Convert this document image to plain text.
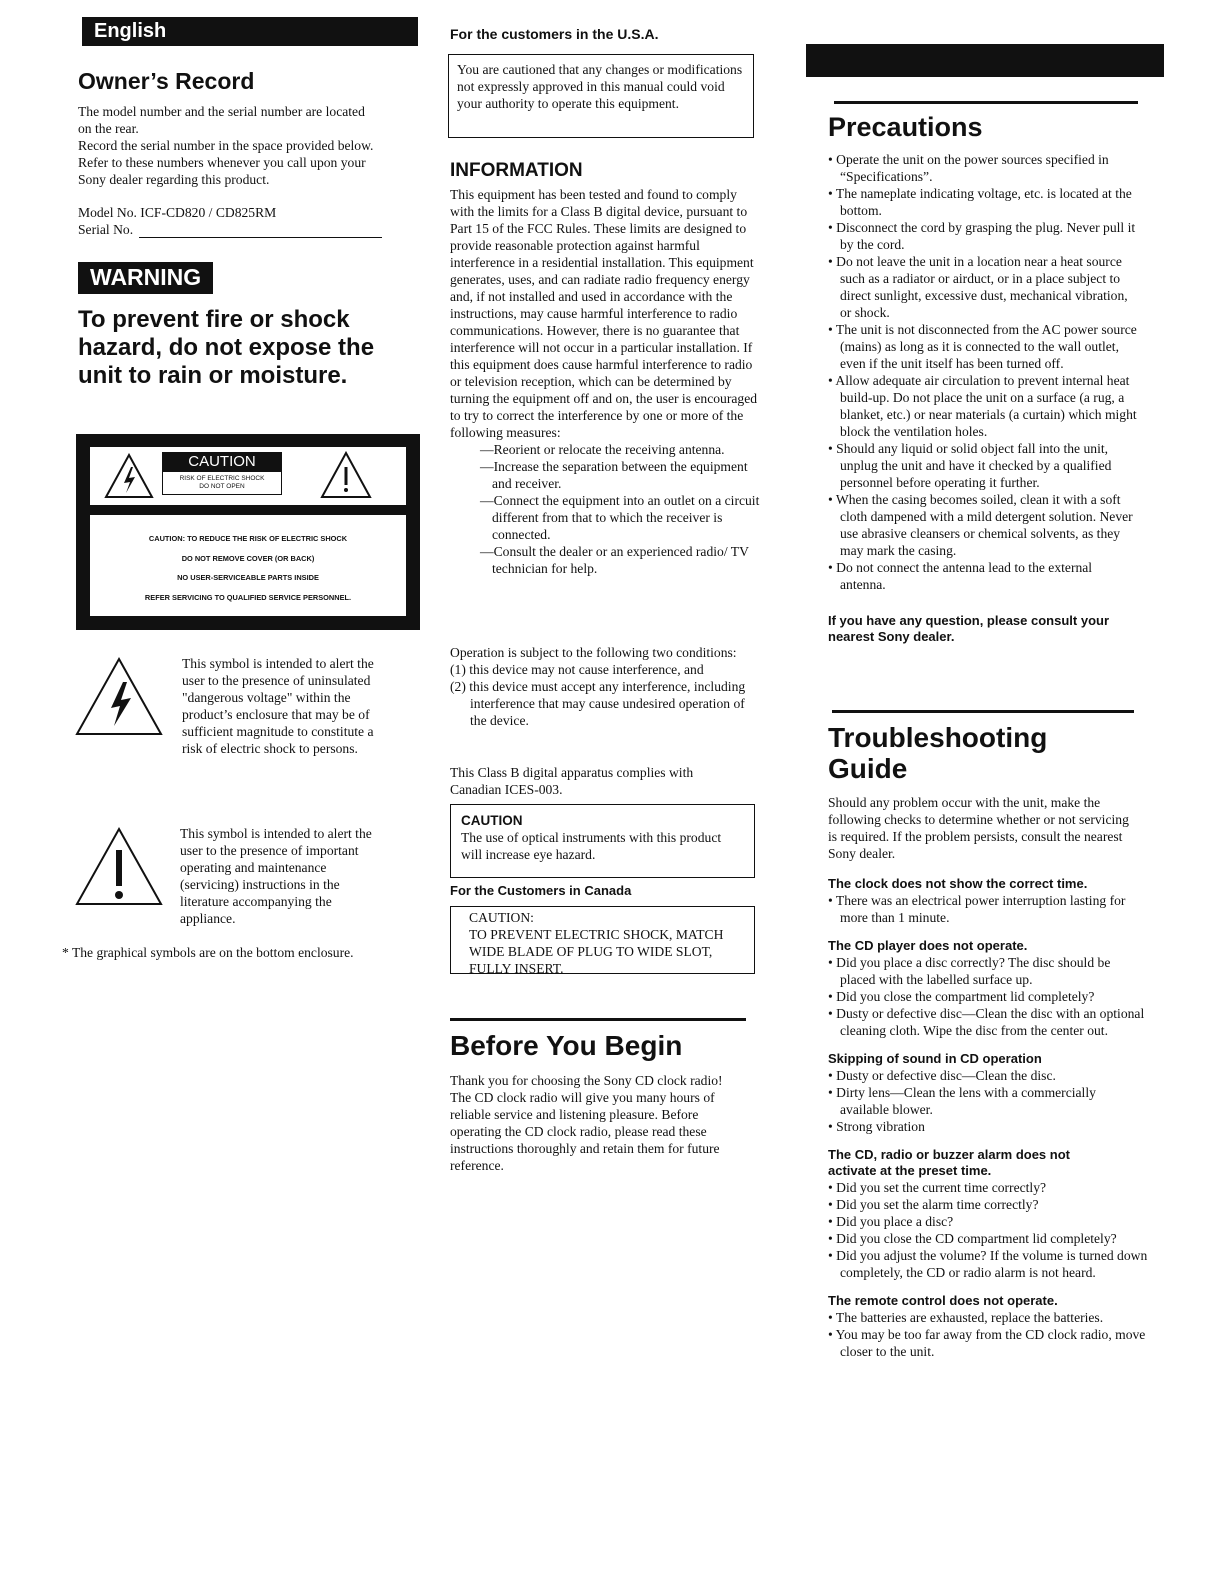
English
Owner’s Record
The model number and the serial number are located on the rear.
Record the serial number in the space provided below. Refer to these numbers whenever you call upon your Sony dealer regarding this product.
Model No. ICF-CD820 / CD825RM
Serial No.
WARNING
To prevent fire or shock hazard, do not expose the unit to rain or moisture.
CAUTION
RISK OF ELECTRIC SHOCK
DO NOT OPEN
CAUTION: TO REDUCE THE RISK OF ELECTRIC SHOCK
DO NOT REMOVE COVER (OR BACK)
NO USER-SERVICEABLE PARTS INSIDE
REFER SERVICING TO QUALIFIED SERVICE PERSONNEL.
This symbol is intended to alert the user to the presence of uninsulated "dangerous voltage" within the product’s enclosure that may be of sufficient magnitude to constitute a risk of electric shock to persons.
This symbol is intended to alert the user to the presence of important operating and maintenance (servicing) instructions in the literature accompanying the appliance.
* The graphical symbols are on the bottom enclosure.
For the customers in the U.S.A.
You are cautioned that any changes or modifications not expressly approved in this manual could void your authority to operate this equipment.
INFORMATION
This equipment has been tested and found to comply with the limits for a Class B digital device, pursuant to Part 15 of the FCC Rules. These limits are designed to provide reasonable protection against harmful interference in a residential installation. This equipment generates, uses, and can radiate radio frequency energy and, if not installed and used in accordance with the instructions, may cause harmful interference to radio communications. However, there is no guarantee that interference will not occur in a particular installation. If this equipment does cause harmful interference to radio or television reception, which can be determined by turning the equipment off and on, the user is encouraged to try to correct the interference by one or more of the following measures:

—Reorient or relocate the receiving antenna.

—Increase the separation between the equipment and receiver.

—Connect the equipment into an outlet on a circuit different from that to which the receiver is connected.

—Consult the dealer or an experienced radio/ TV technician for help.

Operation is subject to the following two conditions:

(1) this device may not cause interference, and

(2) this device must accept any interference, including interference that may cause undesired operation of the device.

This Class B digital apparatus complies with Canadian ICES-003.
CAUTION
The use of optical instruments with this product will increase eye hazard.
For the Customers in Canada
CAUTION:
TO PREVENT ELECTRIC SHOCK, MATCH WIDE BLADE OF PLUG TO WIDE SLOT, FULLY INSERT.
Before You Begin
Thank you for choosing the Sony CD clock radio! The CD clock radio will give you many hours of reliable service and listening pleasure. Before operating the CD clock radio, please read these instructions thoroughly and retain them for future reference.
Precautions

• Operate the unit on the power sources specified in “Specifications”.

• The nameplate indicating voltage, etc. is located at the bottom.

• Disconnect the cord by grasping the plug. Never pull it by the cord.

• Do not leave the unit in a location near a heat source such as a radiator or airduct, or in a place subject to direct sunlight, excessive dust, mechanical vibration, or shock.

• The unit is not disconnected from the AC power source (mains) as long as it is connected to the wall outlet, even if the unit itself has been turned off.

• Allow adequate air circulation to prevent internal heat build-up. Do not place the unit on a surface (a rug, a blanket, etc.) or near materials (a curtain) which might block the ventilation holes.

• Should any liquid or solid object fall into the unit, unplug the unit and have it checked by a qualified personnel before operating it further.

• When the casing becomes soiled, clean it with a soft cloth dampened with a mild detergent solution. Never use abrasive cleansers or chemical solvents, as they may mark the casing.

• Do not connect the antenna lead to the external antenna.

If you have any question, please consult your nearest Sony dealer.
Troubleshooting Guide
Should any problem occur with the unit, make the following checks to determine whether or not servicing is required. If the problem persists, consult the nearest Sony dealer.
The clock does not show the correct time.

• There was an electrical power interruption lasting for more than 1 minute.

The CD player does not operate.

• Did you place a disc correctly? The disc should be placed with the labelled surface up.

• Did you close the compartment lid completely?

• Dusty or defective disc—Clean the disc with an optional cleaning cloth. Wipe the disc from the center out.

Skipping of sound in CD operation

• Dusty or defective disc—Clean the disc.

• Dirty lens—Clean the lens with a commercially available blower.

• Strong vibration

The CD, radio or buzzer alarm does not activate at the preset time.

• Did you set the current time correctly?

• Did you set the alarm time correctly?

• Did you place a disc?

• Did you close the CD compartment lid completely?

• Did you adjust the volume? If the volume is turned down completely, the CD or radio alarm is not heard.

The remote control does not operate.

• The batteries are exhausted, replace the batteries.

• You may be too far away from the CD clock radio, move closer to the unit.
